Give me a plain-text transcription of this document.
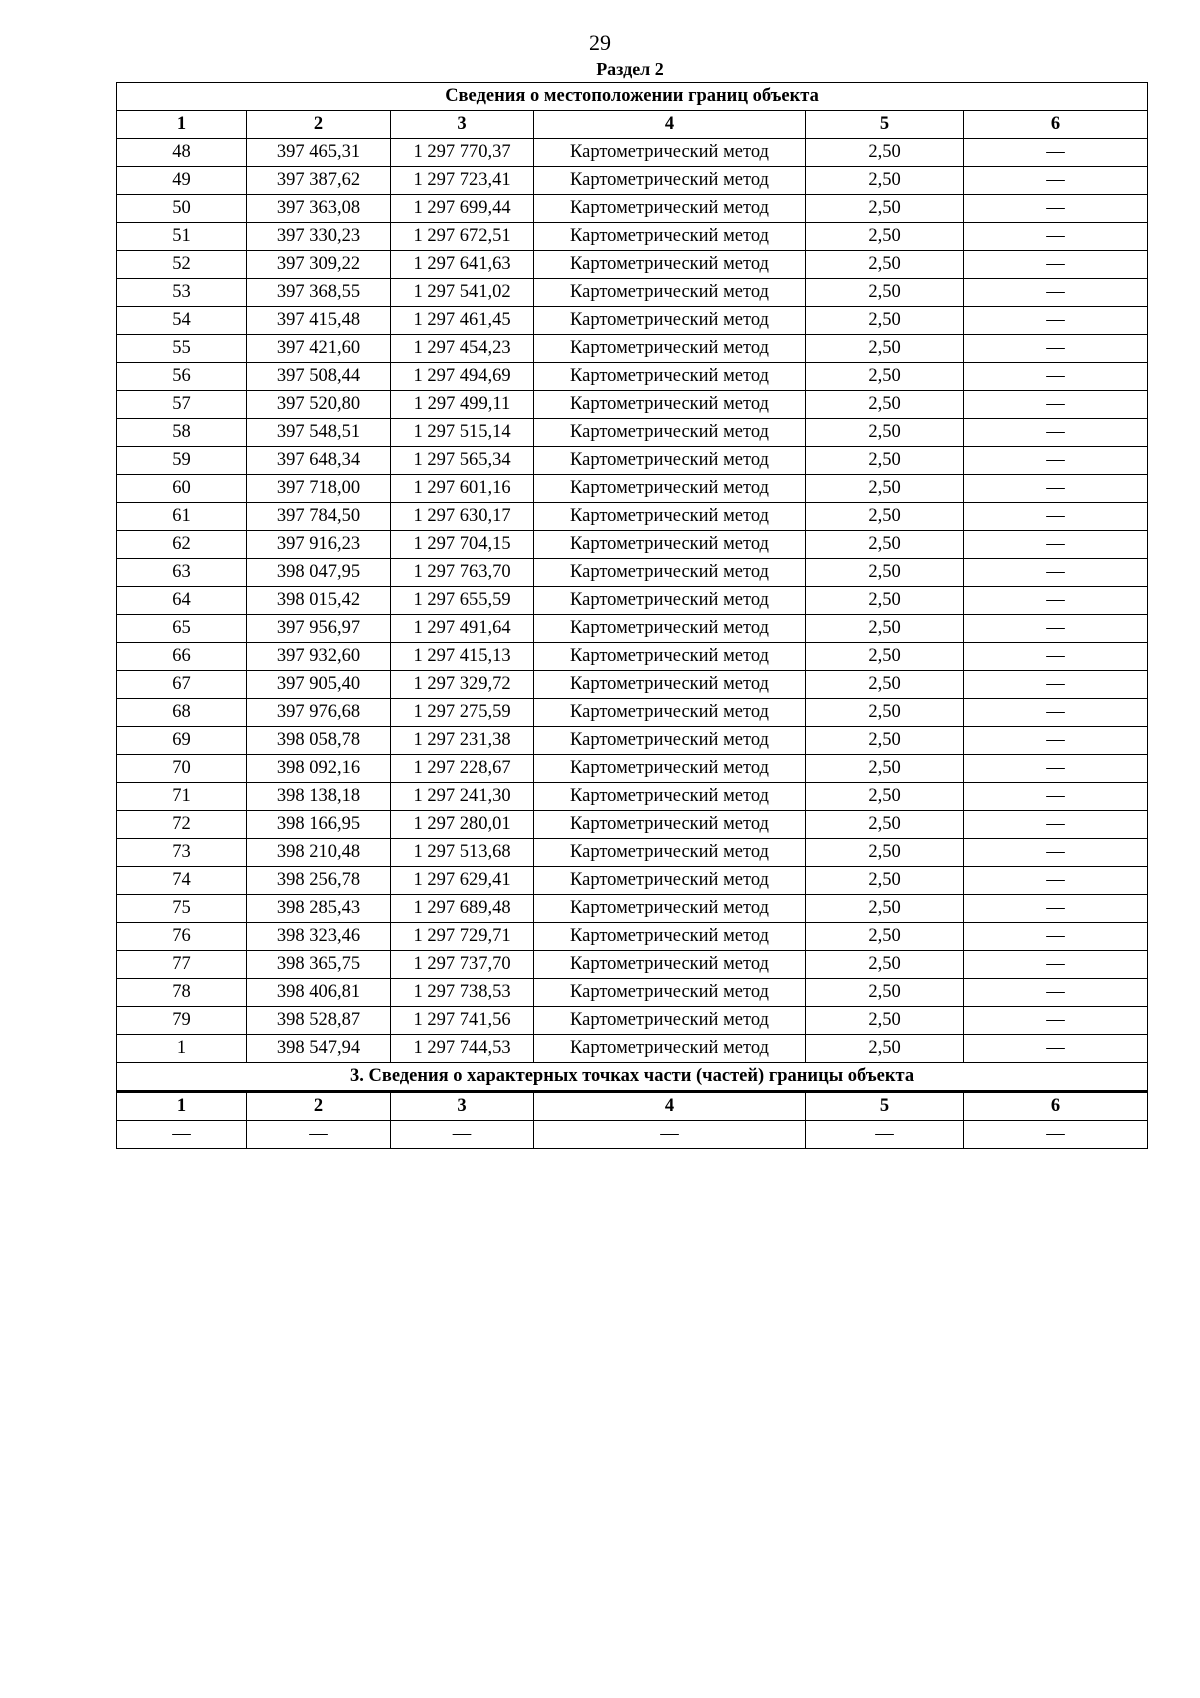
29
Раздел 2
Сведения о местоположении границ объекта					
1	2	3	4	5	6
48	397 465,31	1 297 770,37	Картометрический метод	2,50	—
49	397 387,62	1 297 723,41	Картометрический метод	2,50	—
50	397 363,08	1 297 699,44	Картометрический метод	2,50	—
51	397 330,23	1 297 672,51	Картометрический метод	2,50	—
52	397 309,22	1 297 641,63	Картометрический метод	2,50	—
53	397 368,55	1 297 541,02	Картометрический метод	2,50	—
54	397 415,48	1 297 461,45	Картометрический метод	2,50	—
55	397 421,60	1 297 454,23	Картометрический метод	2,50	—
56	397 508,44	1 297 494,69	Картометрический метод	2,50	—
57	397 520,80	1 297 499,11	Картометрический метод	2,50	—
58	397 548,51	1 297 515,14	Картометрический метод	2,50	—
59	397 648,34	1 297 565,34	Картометрический метод	2,50	—
60	397 718,00	1 297 601,16	Картометрический метод	2,50	—
61	397 784,50	1 297 630,17	Картометрический метод	2,50	—
62	397 916,23	1 297 704,15	Картометрический метод	2,50	—
63	398 047,95	1 297 763,70	Картометрический метод	2,50	—
64	398 015,42	1 297 655,59	Картометрический метод	2,50	—
65	397 956,97	1 297 491,64	Картометрический метод	2,50	—
66	397 932,60	1 297 415,13	Картометрический метод	2,50	—
67	397 905,40	1 297 329,72	Картометрический метод	2,50	—
68	397 976,68	1 297 275,59	Картометрический метод	2,50	—
69	398 058,78	1 297 231,38	Картометрический метод	2,50	—
70	398 092,16	1 297 228,67	Картометрический метод	2,50	—
71	398 138,18	1 297 241,30	Картометрический метод	2,50	—
72	398 166,95	1 297 280,01	Картометрический метод	2,50	—
73	398 210,48	1 297 513,68	Картометрический метод	2,50	—
74	398 256,78	1 297 629,41	Картометрический метод	2,50	—
75	398 285,43	1 297 689,48	Картометрический метод	2,50	—
76	398 323,46	1 297 729,71	Картометрический метод	2,50	—
77	398 365,75	1 297 737,70	Картометрический метод	2,50	—
78	398 406,81	1 297 738,53	Картометрический метод	2,50	—
79	398 528,87	1 297 741,56	Картометрический метод	2,50	—
1	398 547,94	1 297 744,53	Картометрический метод	2,50	—
3. Сведения о характерных точках части (частей) границы объекта					
1	2	3	4	5	6
—	—	—	—	—	—
